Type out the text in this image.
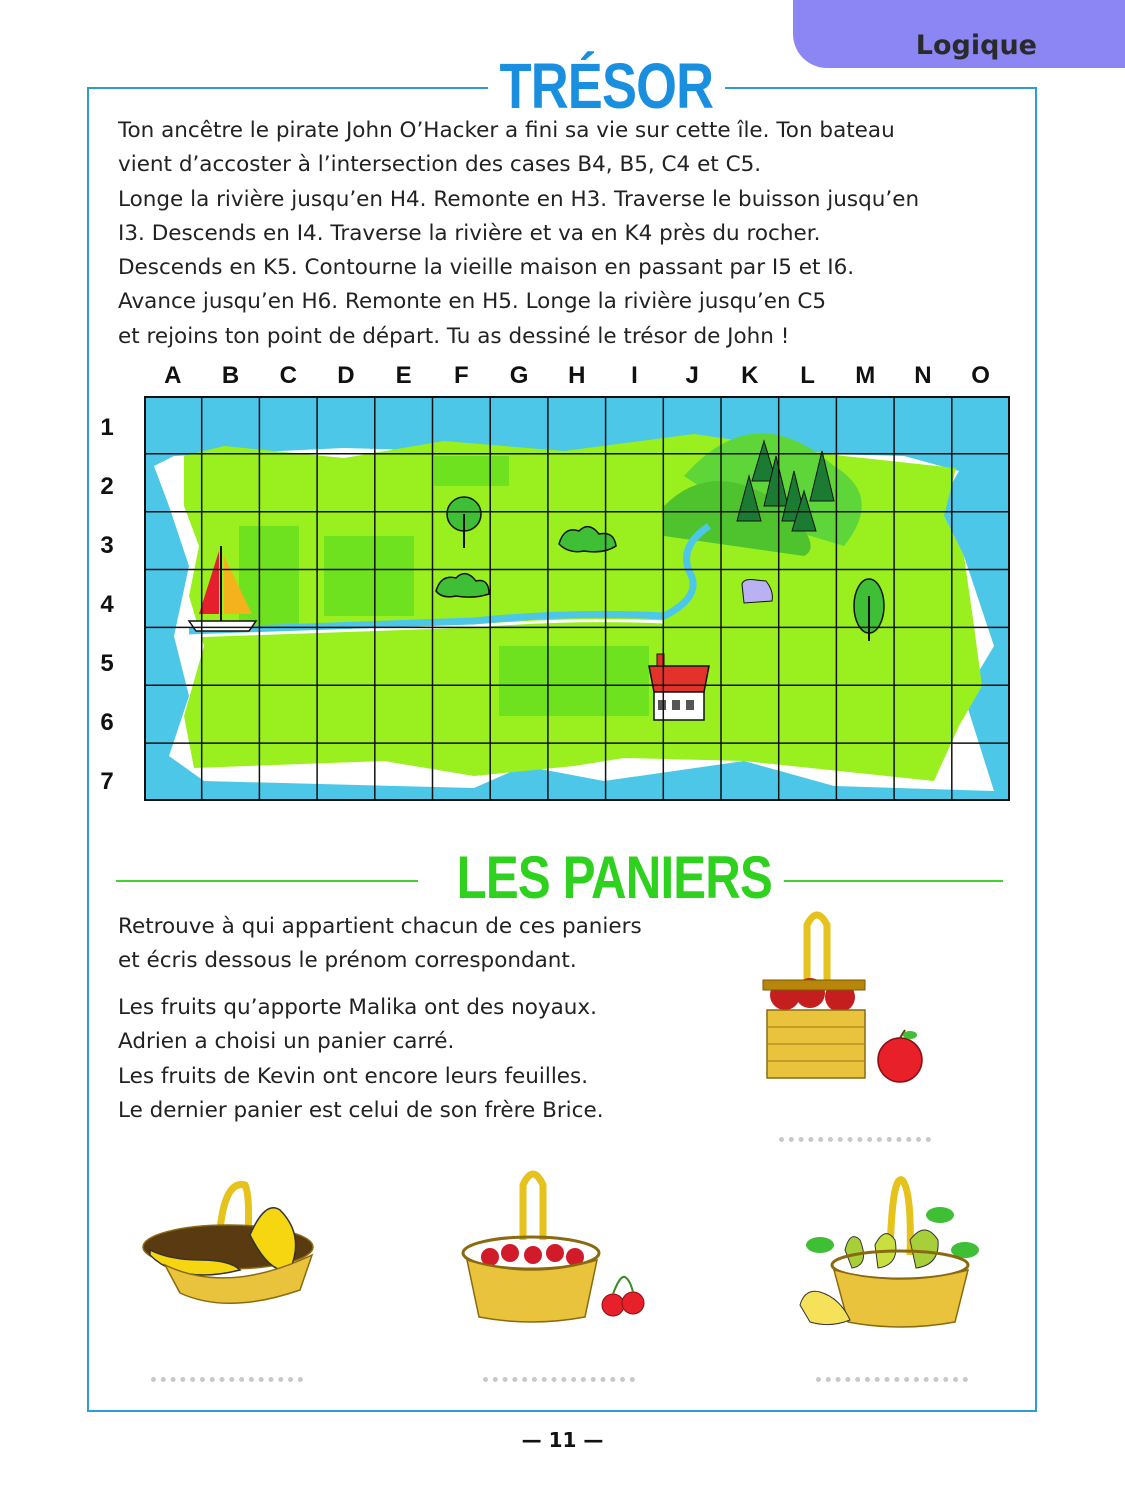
Logique
TRÉSOR

Ton ancêtre le pirate John O’Hacker a fini sa vie sur cette île. Ton bateau

vient d’accoster à l’intersection des cases B4, B5, C4 et C5.

Longe la rivière jusqu’en H4. Remonte en H3. Traverse le buisson jusqu’en

I3. Descends en I4. Traverse la rivière et va en K4 près du rocher.

Descends en K5. Contourne la vieille maison en passant par I5 et I6.

Avance jusqu’en H6. Remonte en H5. Longe la rivière jusqu’en C5

et rejoins ton point de départ. Tu as dessiné le trésor de John !

A	B	C	D	E	F	G	H	I	J	K	L	M	N	O
1
2
3
4
5
6
7
LES PANIERS

Retrouve à qui appartient chacun de ces paniers

et écris dessous le prénom correspondant.

Les fruits qu’apporte Malika ont des noyaux.

Adrien a choisi un panier carré.

Les fruits de Kevin ont encore leurs feuilles.

Le dernier panier est celui de son frère Brice.

— 11 —
